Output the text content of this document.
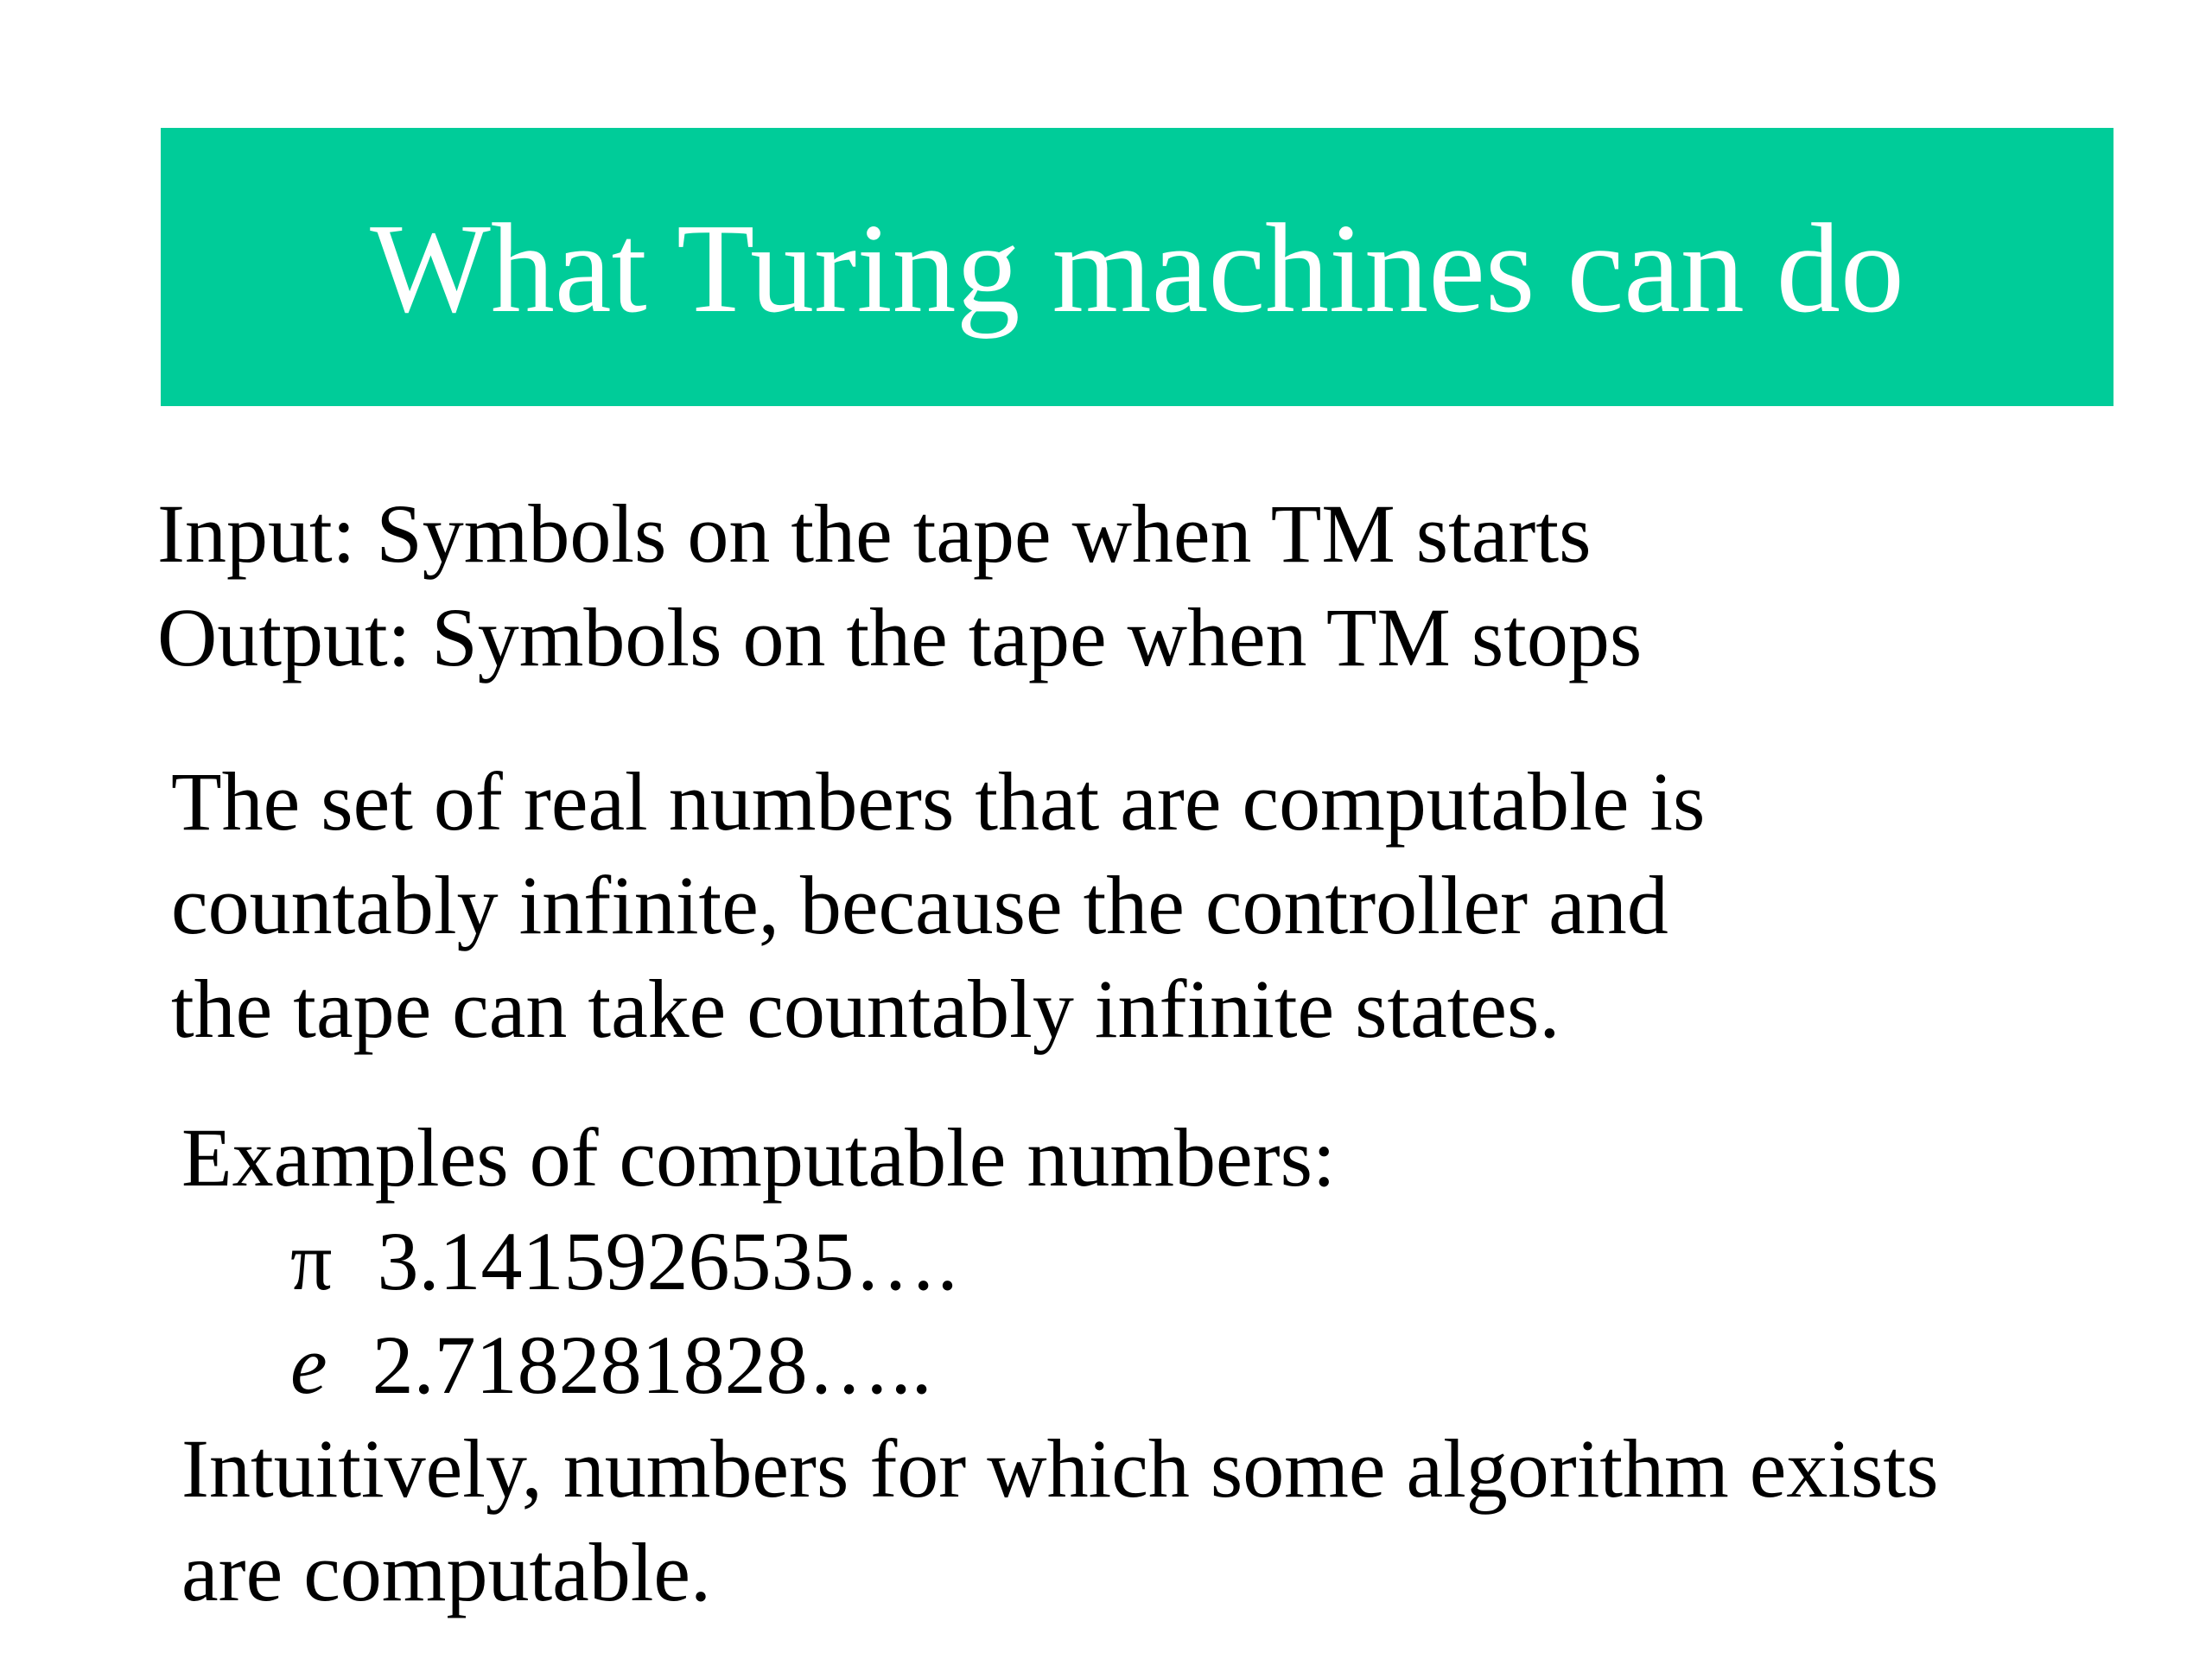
What Turing machines can do
Input: Symbols on the tape when TM starts
Output: Symbols on the tape when TM stops
The set of real numbers that are computable is
countably infinite, because the controller and
the tape can take countably infinite states.
Examples of computable numbers:
π 3.1415926535….
e 2.718281828…..
Intuitively, numbers for which some algorithm exists
are computable.
